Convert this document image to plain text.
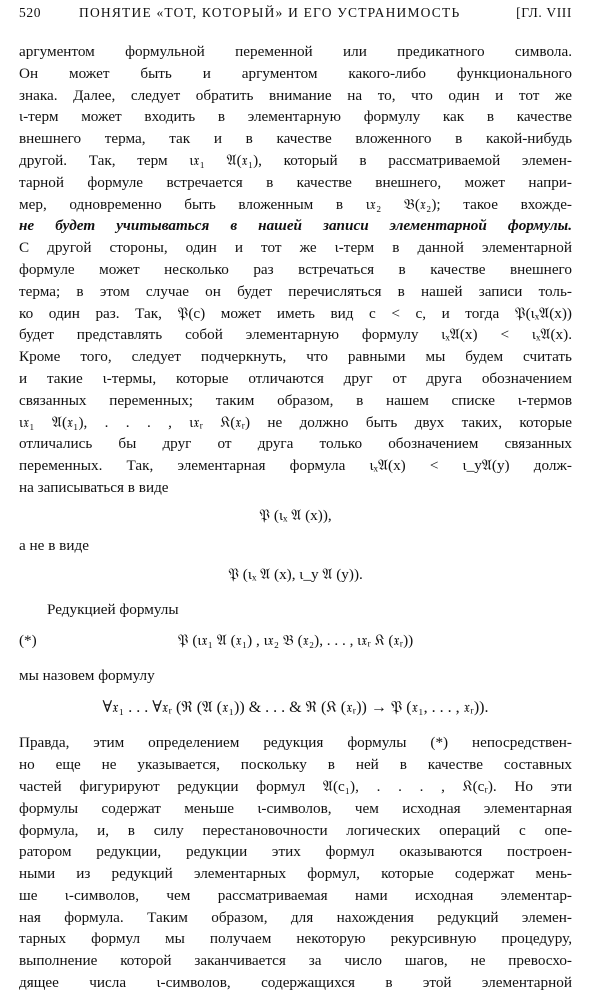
520	ПОНЯТИЕ «ТОТ, КОТОРЫЙ» И ЕГО УСТРАНИМОСТЬ	[ГЛ. VIII
аргументом формульной переменной или предикатного символа.
Он может быть и аргументом какого-либо функционального
знака. Далее, следует обратить внимание на то, что один и тот же
ι-терм может входить в элементарную формулу как в качестве
внешнего терма, так и в качестве вложенного в какой-нибудь
другой. Так, терм ι𝔵₁ 𝔄(𝔵₁), который в рассматриваемой элемен-
тарной формуле встречается в качестве внешнего, может напри-
мер, одновременно быть вложенным в ι𝔵₂ 𝔅(𝔵₂); такое вхожде-
не будет учитываться в нашей записи элементарной формулы.
С другой стороны, один и тот же ι-терм в данной элементарной
формуле может несколько раз встречаться в качестве внешнего
терма; в этом случае он будет перечисляться в нашей записи толь-
ко один раз. Так, 𝔓(c) может иметь вид c < c, и тогда 𝔓(ιₓ𝔄(x))
будет представлять собой элементарную формулу ιₓ𝔄(x) < ιₓ𝔄(x).
Кроме того, следует подчеркнуть, что равными мы будем считать
и такие ι-термы, которые отличаются друг от друга обозначением
связанных переменных; таким образом, в нашем списке ι-термов
ι𝔵₁ 𝔄(𝔵₁), . . . , ι𝔵ᵣ 𝔎(𝔵ᵣ) не должно быть двух таких, которые
отличались бы друг от друга только обозначением связанных
переменных. Так, элементарная формула ιₓ𝔄(x) < ι_y𝔄(y) долж-
на записываться в виде
𝔓 (ιₓ 𝔄 (x)),
а не в виде
𝔓 (ιₓ 𝔄 (x), ι_y 𝔄 (y)).
Редукцией формулы
(*)	𝔓 (ι𝔵₁ 𝔄 (𝔵₁) , ι𝔵₂ 𝔅 (𝔵₂), . . . , ι𝔵ᵣ 𝔎 (𝔵ᵣ))
мы назовем формулу
∀𝔵₁ . . . ∀𝔵ᵣ (ℜ (𝔄 (𝔵₁)) & . . . & ℜ (𝔎 (𝔵ᵣ)) → 𝔓 (𝔵₁, . . . , 𝔵ᵣ)).
Правда, этим определением редукция формулы (*) непосредствен-
но еще не указывается, поскольку в ней в качестве составных
частей фигурируют редукции формул 𝔄(c₁), . . . , 𝔎(cᵣ). Но эти
формулы содержат меньше ι-символов, чем исходная элементарная
формула, и, в силу перестановочности логических операций с опе-
ратором редукции, редукции этих формул оказываются построен-
ными из редукций элементарных формул, которые содержат мень-
ше ι-символов, чем рассматриваемая нами исходная элементар-
ная формула. Таким образом, для нахождения редукций элемен-
тарных формул мы получаем некоторую рекурсивную процедуру,
выполнение которой заканчивается за число шагов, не превосхо-
дящее числа ι-символов, содержащихся в этой элементарной
